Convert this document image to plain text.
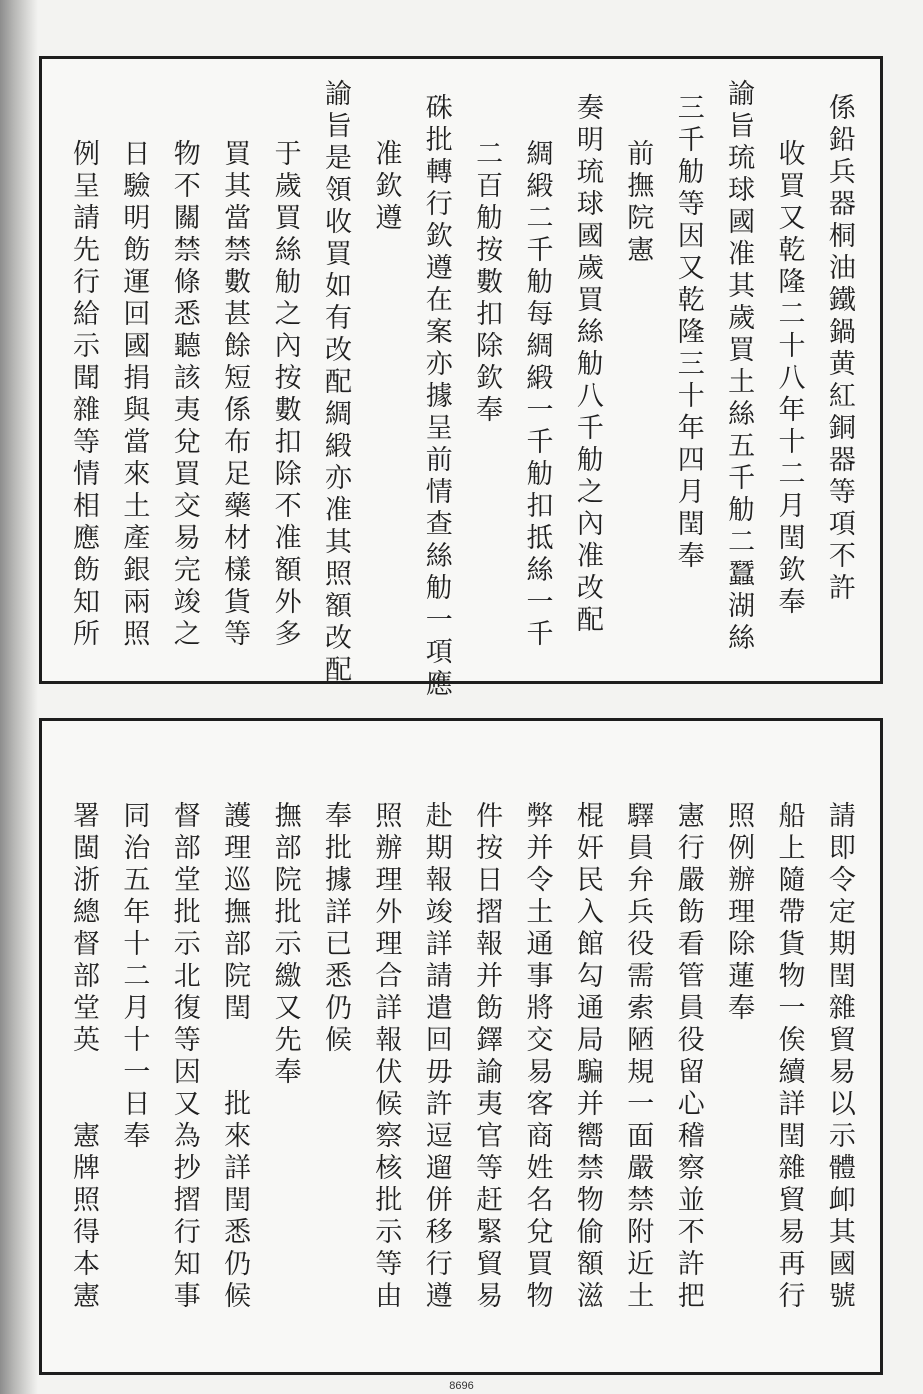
係鉛兵器桐油鐵鍋黄紅銅器等項不許
收買又乾隆二十八年十二月閏欽奉
諭旨琉球國准其歲買土絲五千觔二蠶湖絲
三千觔等因又乾隆三十年四月閏奉
前撫院憲
奏明琉球國歲買絲觔八千觔之內准改配
綢緞二千觔每綢緞一千觔扣抵絲一千
二百觔按數扣除欽奉
硃批轉行欽遵在案亦據呈前情查絲觔一項應
准欽遵
諭旨是領收買如有改配綢緞亦准其照額改配
于歲買絲觔之內按數扣除不准額外多
買其當禁數甚餘短係布足藥材樣貨等
物不關禁條悉聽該夷兌買交易完竣之
日驗明飭運回國捐與當來土產銀兩照
例呈請先行給示聞雜等情相應飭知所
請即令定期閏雜貿易以示體卹其國號
船上隨帶貨物一俟續詳閏雜貿易再行
照例辦理除蓮奉
憲行嚴飭看管員役留心稽察並不許把
驛員弁兵役需索陋規一面嚴禁附近土
棍奸民入館勾通局騙并嚮禁物偷額滋
弊并令土通事將交易客商姓名兌買物
件按日摺報并飭鐸諭夷官等赶緊貿易
赴期報竣詳請遣回毋許逗遛併移行遵
照辦理外理合詳報伏候察核批示等由
奉批據詳已悉仍候
撫部院批示繳又先奉
護理巡撫部院閏　　批來詳閏悉仍候
督部堂批示北復等因又為抄摺行知事
同治五年十二月十一日奉
署閩浙總督部堂英　　憲牌照得本憲
8696
